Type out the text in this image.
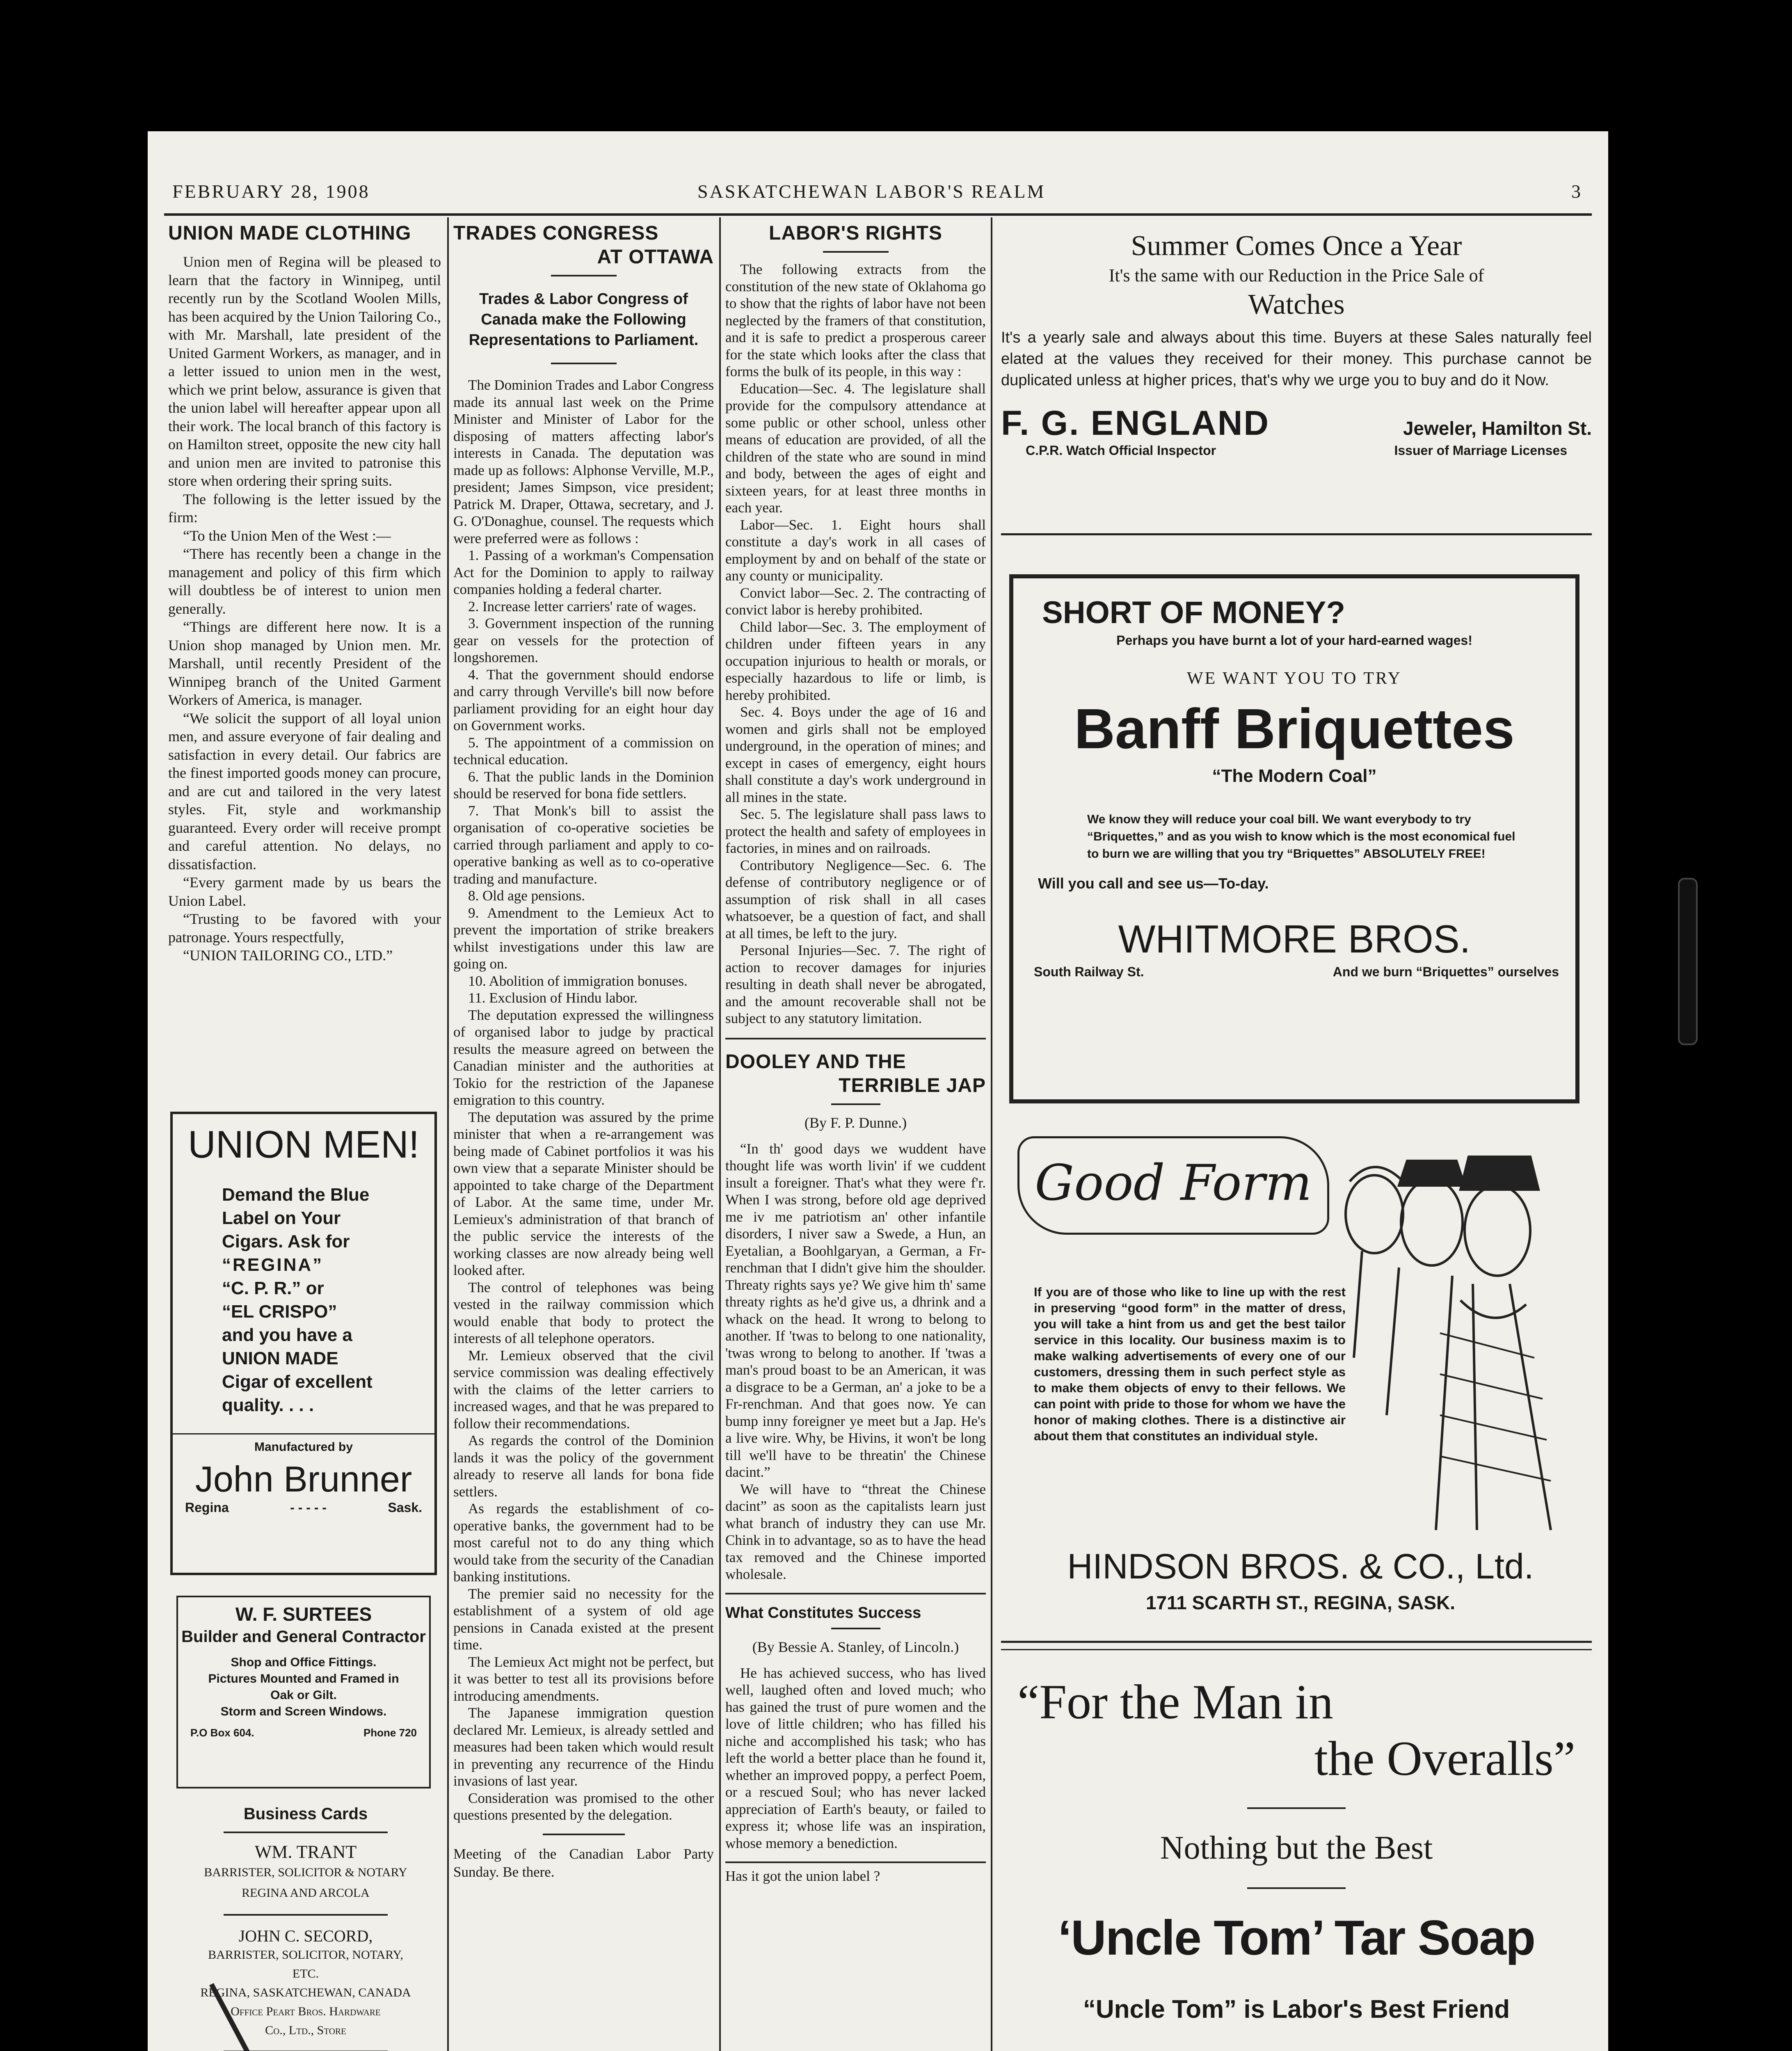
FEBRUARY 28, 1908	SASKATCHEWAN LABOR'S REALM	3
UNION MADE CLOTHING

Union men of Regina will be pleased to learn that the factory in Winnipeg, until recently run by the Scotland Woolen Mills, has been acquired by the Union Tailoring Co., with Mr. Marshall, late president of the United Garment Workers, as manager, and in a letter issued to union men in the west, which we print below, assurance is given that the union label will hereafter appear upon all their work. The local branch of this factory is on Hamilton street, opposite the new city hall and union men are invited to patronise this store when ordering their spring suits.

The following is the letter issued by the firm:

“To the Union Men of the West :—

“There has recently been a change in the management and policy of this firm which will doubtless be of interest to union men generally.

“Things are different here now. It is a Union shop managed by Union men. Mr. Marshall, until recently President of the Winnipeg branch of the United Garment Workers of America, is manager.

“We solicit the support of all loyal union men, and assure everyone of fair dealing and satisfaction in every detail. Our fabrics are the finest imported goods money can procure, and are cut and tailored in the very latest styles. Fit, style and workmanship guaranteed. Every order will receive prompt and careful attention. No delays, no dissatisfaction.

“Every garment made by us bears the Union Label.

“Trusting to be favored with your patronage. Yours respectfully,

“UNION TAILORING CO., LTD.”

UNION MEN!
Demand the Blue
Label on Your
Cigars. Ask for
“REGINA”
“C. P. R.” or
“EL CRISPO”
and you have a
UNION MADE
Cigar of excellent
quality. . . .
Manufactured by
John Brunner
Regina	- - - - -	Sask.
W. F. SURTEES
Builder and General Contractor
Shop and Office Fittings.
Pictures Mounted and Framed in
Oak or Gilt.
Storm and Screen Windows.
P.O Box 604.	Phone 720
Business Cards
WM. TRANT
BARRISTER, SOLICITOR & NOTARY
REGINA AND ARCOLA
JOHN C. SECORD,
BARRISTER, SOLICITOR, NOTARY,
ETC.
REGINA, SASKATCHEWAN, CANADA
Office Peart Bros. Hardware
Co., Ltd., Store
TRADES CONGRESS
AT OTTAWA
Trades & Labor Congress of Canada make the Following Representations to Parliament.

The Dominion Trades and Labor Congress made its annual last week on the Prime Minister and Minister of Labor for the disposing of matters affecting labor's interests in Canada. The deputation was made up as follows: Alphonse Verville, M.P., president; James Simpson, vice president; Patrick M. Draper, Ottawa, secretary, and J. G. O'Donaghue, counsel. The requests which were preferred were as follows :

1. Passing of a workman's Compensation Act for the Dominion to apply to railway companies holding a federal charter.

2. Increase letter carriers' rate of wages.

3. Government inspection of the running gear on vessels for the protection of longshoremen.

4. That the government should endorse and carry through Verville's bill now before parliament providing for an eight hour day on Government works.

5. The appointment of a commission on technical education.

6. That the public lands in the Dominion should be reserved for bona fide settlers.

7. That Monk's bill to assist the organisation of co-operative societies be carried through parliament and apply to co-operative banking as well as to co-operative trading and manufacture.

8. Old age pensions.

9. Amendment to the Lemieux Act to prevent the importation of strike breakers whilst investigations under this law are going on.

10. Abolition of immigration bonuses.

11. Exclusion of Hindu labor.

The deputation expressed the willingness of organised labor to judge by practical results the measure agreed on between the Canadian minister and the authorities at Tokio for the restriction of the Japanese emigration to this country.

The deputation was assured by the prime minister that when a re-arrangement was being made of Cabinet portfolios it was his own view that a separate Minister should be appointed to take charge of the Department of Labor. At the same time, under Mr. Lemieux's administration of that branch of the public service the interests of the working classes are now already being well looked after.

The control of telephones was being vested in the railway commission which would enable that body to protect the interests of all telephone operators.

Mr. Lemieux observed that the civil service commission was dealing effectively with the claims of the letter carriers to increased wages, and that he was prepared to follow their recommendations.

As regards the control of the Dominion lands it was the policy of the government already to reserve all lands for bona fide settlers.

As regards the establishment of co-operative banks, the government had to be most careful not to do any thing which would take from the security of the Canadian banking institutions.

The premier said no necessity for the establishment of a system of old age pensions in Canada existed at the present time.

The Lemieux Act might not be perfect, but it was better to test all its provisions before introducing amendments.

The Japanese immigration question declared Mr. Lemieux, is already settled and measures had been taken which would result in preventing any recurrence of the Hindu invasions of last year.

Consideration was promised to the other questions presented by the delegation.

Meeting of the Canadian Labor Party Sunday. Be there.
LABOR'S RIGHTS

The following extracts from the constitution of the new state of Oklahoma go to show that the rights of labor have not been neglected by the framers of that constitution, and it is safe to predict a prosperous career for the state which looks after the class that forms the bulk of its people, in this way :

Education—Sec. 4. The legislature shall provide for the compulsory attendance at some public or other school, unless other means of education are provided, of all the children of the state who are sound in mind and body, between the ages of eight and sixteen years, for at least three months in each year.

Labor—Sec. 1. Eight hours shall constitute a day's work in all cases of employment by and on behalf of the state or any county or municipality.

Convict labor—Sec. 2. The contracting of convict labor is hereby prohibited.

Child labor—Sec. 3. The employment of children under fifteen years in any occupation injurious to health or morals, or especially hazardous to life or limb, is hereby prohibited.

Sec. 4. Boys under the age of 16 and women and girls shall not be employed underground, in the operation of mines; and except in cases of emergency, eight hours shall constitute a day's work underground in all mines in the state.

Sec. 5. The legislature shall pass laws to protect the health and safety of employees in factories, in mines and on railroads.

Contributory Negligence—Sec. 6. The defense of contributory negligence or of assumption of risk shall in all cases whatsoever, be a question of fact, and shall at all times, be left to the jury.

Personal Injuries—Sec. 7. The right of action to recover damages for injuries resulting in death shall never be abrogated, and the amount recoverable shall not be subject to any statutory limitation.

DOOLEY AND THE
TERRIBLE JAP
(By F. P. Dunne.)

“In th' good days we wuddent have thought life was worth livin' if we cuddent insult a foreigner. That's what they were f'r. When I was strong, before old age deprived me iv me patriotism an' other infantile disorders, I niver saw a Swede, a Hun, an Eyetalian, a Boohlgaryan, a German, a Fr-renchman that I didn't give him the shoulder. Threaty rights says ye? We give him th' same threaty rights as he'd give us, a dhrink and a whack on the head. It wrong to belong to another. If 'twas to belong to one nationality, 'twas wrong to belong to another. If 'twas a man's proud boast to be an American, it was a disgrace to be a German, an' a joke to be a Fr-renchman. And that goes now. Ye can bump inny foreigner ye meet but a Jap. He's a live wire. Why, be Hivins, it won't be long till we'll have to be threatin' the Chinese dacint.”

We will have to “threat the Chinese dacint” as soon as the capitalists learn just what branch of industry they can use Mr. Chink in to advantage, so as to have the head tax removed and the Chinese imported wholesale.

What Constitutes Success
(By Bessie A. Stanley, of Lincoln.)

He has achieved success, who has lived well, laughed often and loved much; who has gained the trust of pure women and the love of little children; who has filled his niche and accomplished his task; who has left the world a better place than he found it, whether an improved poppy, a perfect Poem, or a rescued Soul; who has never lacked appreciation of Earth's beauty, or failed to express it; whose life was an inspiration, whose memory a benediction.

Has it got the union label ?
Summer Comes Once a Year
It's the same with our Reduction in the Price Sale of
Watches
It's a yearly sale and always about this time. Buyers at these Sales naturally feel elated at the values they received for their money. This purchase cannot be duplicated unless at higher prices, that's why we urge you to buy and do it Now.
F. G. ENGLAND	Jeweler, Hamilton St.
C.P.R. Watch Official Inspector	Issuer of Marriage Licenses
SHORT OF MONEY?
Perhaps you have burnt a lot of your hard-earned wages!
WE WANT YOU TO TRY
Banff Briquettes
“The Modern Coal”
We know they will reduce your coal bill. We want everybody to try “Briquettes,” and as you wish to know which is the most economical fuel to burn we are willing that you try “Briquettes” ABSOLUTELY FREE!
Will you call and see us—To-day.
WHITMORE BROS.
South Railway St.	And we burn “Briquettes” ourselves
Good Form
If you are of those who like to line up with the rest in preserving “good form” in the matter of dress, you will take a hint from us and get the best tailor service in this locality. Our business maxim is to make walking advertisements of every one of our customers, dressing them in such perfect style as to make them objects of envy to their fellows. We can point with pride to those for whom we have the honor of making clothes. There is a distinctive air about them that constitutes an individual style.
HINDSON BROS. & CO., Ltd.
1711 SCARTH ST., REGINA, SASK.
“For the Man in
the Overalls”
Nothing but the Best
‘Uncle Tom’ Tar Soap
“Uncle Tom” is Labor's Best Friend
